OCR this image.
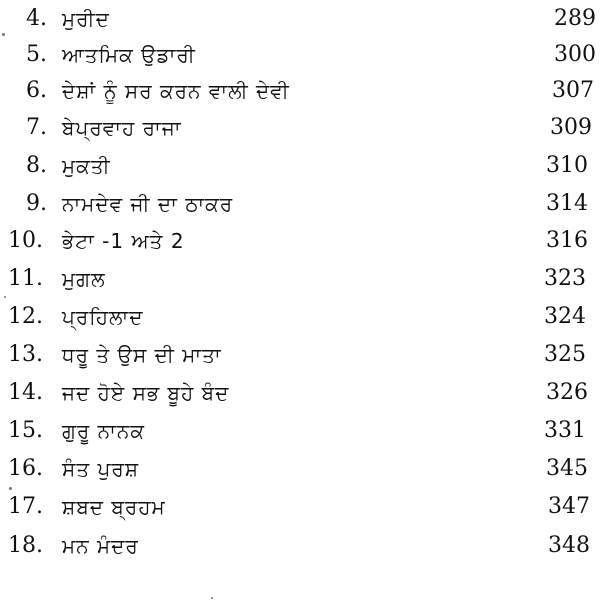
4. ਮੁਰੀਦ	289
5. ਆਤਮਿਕ ਉਡਾਰੀ	300
6. ਦੇਸ਼ਾਂ ਨੂੰ ਸਰ ਕਰਨ ਵਾਲੀ ਦੇਵੀ	307
7. ਬੇਪ੍ਰਵਾਹ ਰਾਜਾ	309
8. ਮੁਕਤੀ	310
9. ਨਾਮਦੇਵ ਜੀ ਦਾ ਠਾਕਰ	314
10. ਭੇਟਾ -1 ਅਤੇ 2	316
11. ਮੁਗਲ	323
12. ਪ੍ਰਹਿਲਾਦ	324
13. ਧਰੂ ਤੇ ਉਸ ਦੀ ਮਾਤਾ	325
14. ਜਦ ਹੋਏ ਸਭ ਬੂਹੇ ਬੰਦ	326
15. ਗੁਰੂ ਨਾਨਕ	331
16. ਸੰਤ ਪੁਰਸ਼	345
17. ਸ਼ਬਦ ਬ੍ਰਹਮ	347
18. ਮਨ ਮੰਦਰ	348
